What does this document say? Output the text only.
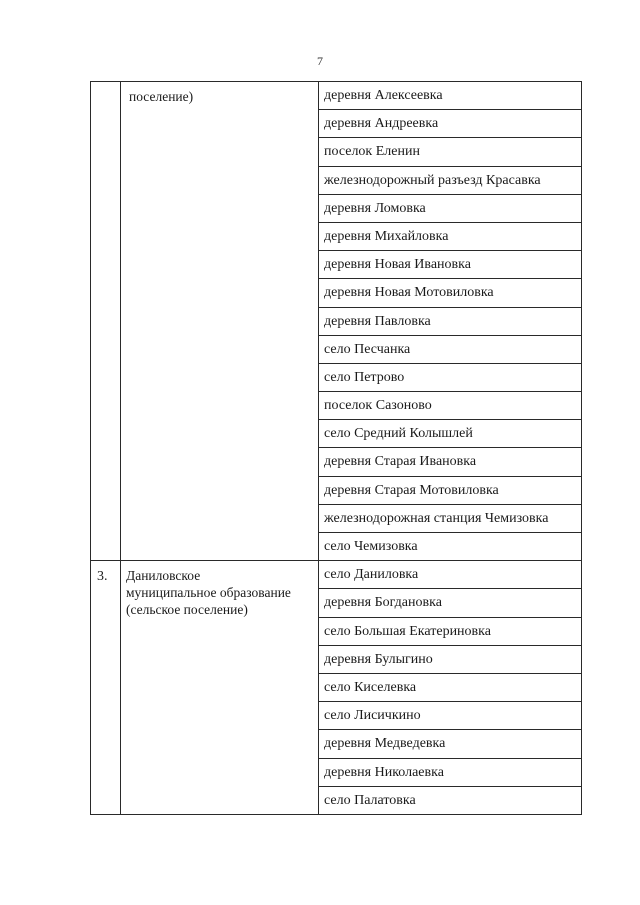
7

	поселение)	деревня Алексеевка
		деревня Андреевка
		поселок Еленин
		железнодорожный разъезд Красавка
		деревня Ломовка
		деревня Михайловка
		деревня Новая Ивановка
		деревня Новая Мотовиловка
		деревня Павловка
		село Песчанка
		село Петрово
		поселок Сазоново
		село Средний Колышлей
		деревня Старая Ивановка
		деревня Старая Мотовиловка
		железнодорожная станция Чемизовка
		село Чемизовка
3.	Даниловское
муниципальное образование
(сельское поселение)	село Даниловка
		деревня Богдановка
		село Большая Екатериновка
		деревня Булыгино
		село Киселевка
		село Лисичкино
		деревня Медведевка
		деревня Николаевка
		село Палатовка
